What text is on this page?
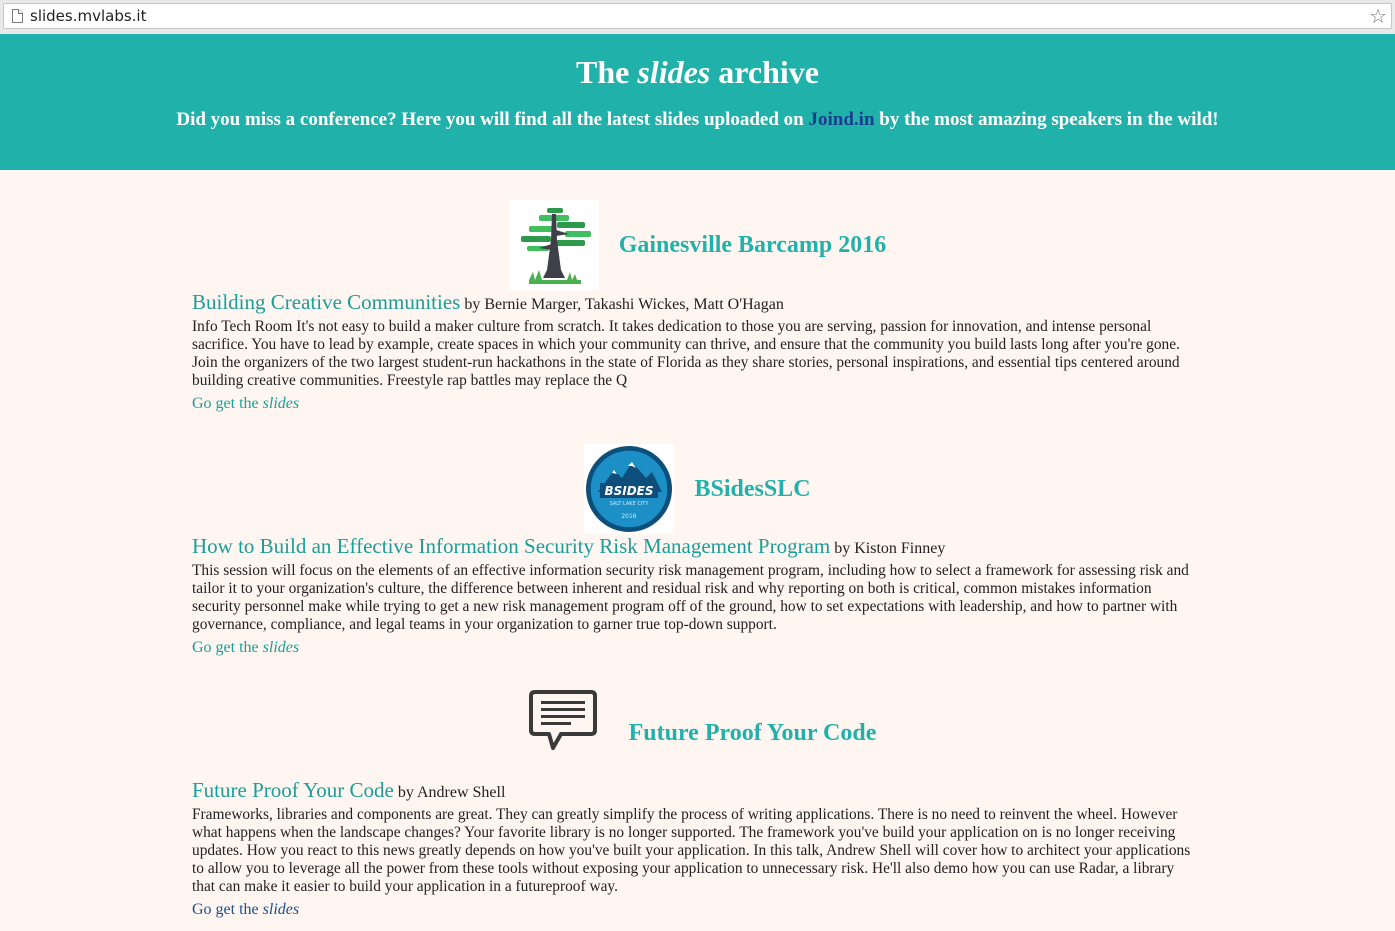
slides.mvlabs.it	☆
The slides archive

Did you miss a conference? Here you will find all the latest slides uploaded on Joind.in by the most amazing speakers in the wild!

Gainesville Barcamp 2016
Building Creative Communities by Bernie Marger, Takashi Wickes, Matt O'Hagan

Info Tech Room It's not easy to build a maker culture from scratch. It takes dedication to those you are serving, passion for innovation, and intense personal sacrifice. You have to lead by example, create spaces in which your community can thrive, and ensure that the community you build lasts long after you're gone. Join the organizers of the two largest student-run hackathons in the state of Florida as they share stories, personal inspirations, and essential tips centered around building creative communities. Freestyle rap battles may replace the Q

Go get the slides
BSIDES
SALT LAKE CITY
2016
BSidesSLC
How to Build an Effective Information Security Risk Management Program by Kiston Finney

This session will focus on the elements of an effective information security risk management program, including how to select a framework for assessing risk and tailor it to your organization's culture, the difference between inherent and residual risk and why reporting on both is critical, common mistakes information security personnel make while trying to get a new risk management program off of the ground, how to set expectations with leadership, and how to partner with governance, compliance, and legal teams in your organization to garner true top-down support.

Go get the slides
Future Proof Your Code
Future Proof Your Code by Andrew Shell

Frameworks, libraries and components are great. They can greatly simplify the process of writing applications. There is no need to reinvent the wheel. However what happens when the landscape changes? Your favorite library is no longer supported. The framework you've build your application on is no longer receiving updates. How you react to this news greatly depends on how you've built your application. In this talk, Andrew Shell will cover how to architect your applications to allow you to leverage all the power from these tools without exposing your application to unnecessary risk. He'll also demo how you can use Radar, a library that can make it easier to build your application in a futureproof way.

Go get the slides
